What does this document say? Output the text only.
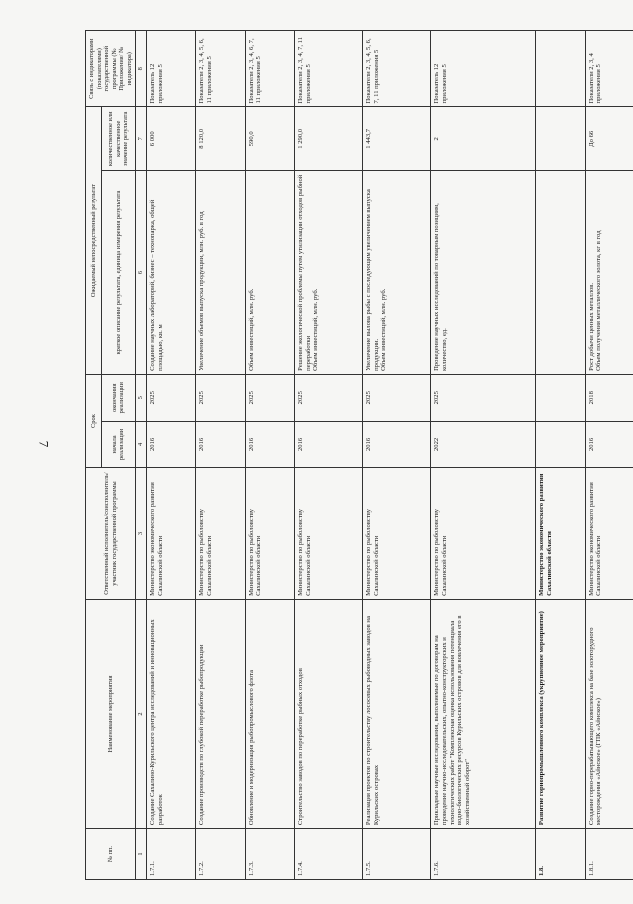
7
№ пп.	Наименование мероприятия	Ответственный исполнитель/соисполнитель/участник государственной программы	Срок		Ожидаемый непосредственный результат		Связь с индикаторами (показателями) государственной программы (№ Приложения/ № индикатора)
			начала реализации	окончания реализации	краткое описание результата, единица измерения результата	количественное или качественное значение результата	
1	2	3	4	5	6	7	8
1.7.1.	Создание Сахалино-Курильского центра исследований и инновационных разработок	Министерство экономического развития Сахалинской области	2016	2025	Создание научных лабораторий, бизнес – технопарка, общей площадью, кв. м	6 000	Показатель 12 приложения 5
1.7.2.	Создание производств по глубокой переработке рыбопродукции	Министерство по рыболовству Сахалинской области	2016	2025	Увеличение объемов выпуска продукции, млн. руб. в год	8 120,0	Показатели 2, 3, 4, 5, 6, 11 приложения 5
1.7.3.	Обновление и модернизация рыбопромыслового флота	Министерство по рыболовству Сахалинской области	2016	2025	Объем инвестиций, млн. руб.	590,0	Показатели 2, 3, 4, 6, 7, 11 приложения 5
1.7.4.	Строительство заводов по переработке рыбных отходов	Министерство по рыболовству Сахалинской области	2016	2025	Решение экологической проблемы путем утилизации отходов рыбной переработки
Объем инвестиций, млн. руб.	1 290,0	Показатели 2, 3, 4, 7, 11 приложения 5
1.7.5.	Реализация проектов по строительству лососевых рыбоводных заводов на Курильских островах	Министерство по рыболовству Сахалинской области	2016	2025	Увеличение вылова рыбы с последующим увеличением выпуска продукции.
Объем инвестиций, млн. руб.	1 443,7	Показатели 2, 3, 4, 5, 6, 7, 11 приложения 5
1.7.6.	Прикладные научные исследования, выполняемые по договорам на проведение научно-исследовательских, опытно-конструкторских и технологических работ "Комплексная оценка использования потенциала водно-биологических ресурсов Курильских островов для вовлечения его в хозяйственный оборот"	Министерство по рыболовству Сахалинской области	2022	2025	Проведение научных исследований по товарным позициям, количество, ед.	2	Показатель 12 приложения 5
1.8.	Развитие горнопромышленного комплекса (укрупненное мероприятие)	Министерство экономического развития Сахалинской области					
1.8.1.	Создание горно-перерабатывающего комплекса на базе золоторудного месторождения «Айнское» (ГПК «Айнское»)	Министерство экономического развития Сахалинской области	2016	2018	Рост добычи ценных металлов.
Объем получения металлического золота, кг в год	До 66	Показатели 2, 3, 4 приложения 5
